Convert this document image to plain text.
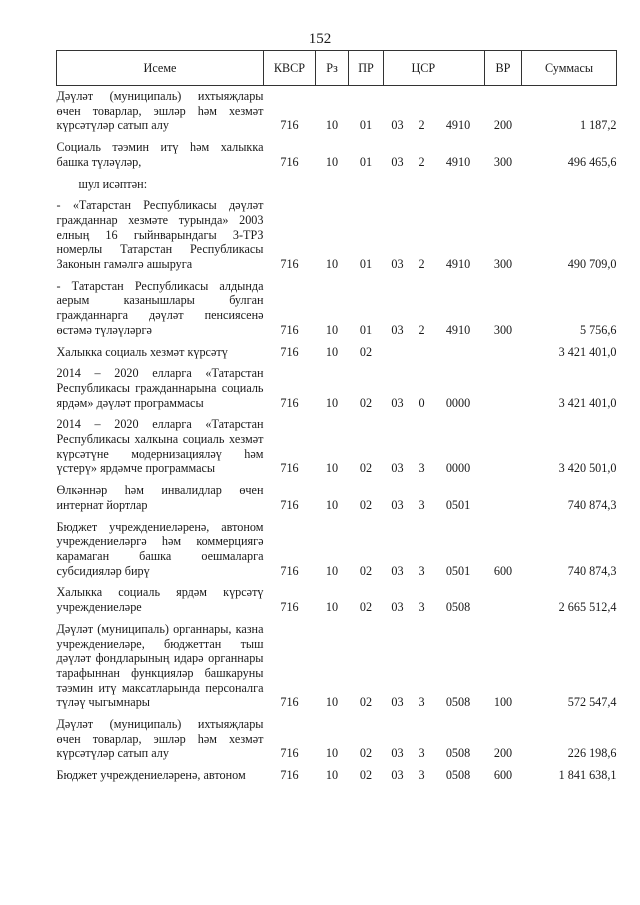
152
Исеме	КВСР	Рз	ПР		ЦСР		ВР	Суммасы
Дәүләт (муниципаль) ихтыяҗлары өчен товарлар, эшләр һәм хезмәт күрсәтүләр сатып алу	716	10	01	03	2	4910	200	1 187,2
Социаль тәэмин итү һәм халыкка башка түләүләр,	716	10	01	03	2	4910	300	496 465,6
шул исәптән:								
- «Татарстан Республикасы дәүләт гражданнар хезмәте турында» 2003 елның 16 гыйнварындагы 3-ТРЗ номерлы Татарстан Республикасы Законын гамәлгә ашыруга	716	10	01	03	2	4910	300	490 709,0
- Татарстан Республикасы алдында аерым казанышлары булган гражданнарга дәүләт пенсиясенә өстәмә түләүләргә	716	10	01	03	2	4910	300	5 756,6
Халыкка социаль хезмәт күрсәтү	716	10	02					3 421 401,0
2014 – 2020 елларга «Татарстан Республикасы гражданнарына социаль ярдәм» дәүләт программасы	716	10	02	03	0	0000		3 421 401,0
2014 – 2020 елларга «Татарстан Республикасы халкына социаль хезмәт күрсәтүне модернизацияләү һәм үстерү» ярдәмче программасы	716	10	02	03	3	0000		3 420 501,0
Өлкәннәр һәм инвалидлар өчен интернат йортлар	716	10	02	03	3	0501		740 874,3
Бюджет учреждениеләренә, автоном учреждениеләргә һәм коммерциягә карамаган башка оешмаларга субсидияләр бирү	716	10	02	03	3	0501	600	740 874,3
Халыкка социаль ярдәм күрсәтү учреждениеләре	716	10	02	03	3	0508		2 665 512,4
Дәүләт (муниципаль) органнары, казна учреждениеләре, бюджеттан тыш дәүләт фондларының идарә органнары тарафыннан функцияләр башкаруны тәэмин итү максатларында персоналга түләү чыгымнары	716	10	02	03	3	0508	100	572 547,4
Дәүләт (муниципаль) ихтыяҗлары өчен товарлар, эшләр һәм хезмәт күрсәтүләр сатып алу	716	10	02	03	3	0508	200	226 198,6
Бюджет учреждениеләренә, автоном	716	10	02	03	3	0508	600	1 841 638,1
